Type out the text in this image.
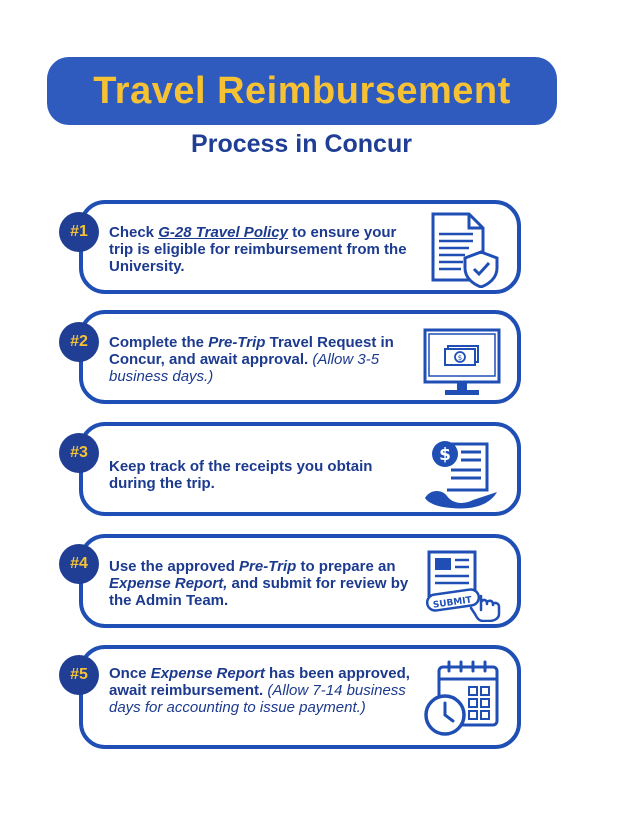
Travel Reimbursement
Process in Concur
#1	Check G-28 Travel Policy to ensure your trip is eligible for reimbursement from the University.
#2	Complete the Pre-Trip Travel Request in Concur, and await approval. (Allow 3-5 business days.)
$
#3
Keep track of the receipts you obtain during the trip.
$
#4	Use the approved Pre-Trip to prepare an Expense Report, and submit for review by the Admin Team.	SUBMIT
#5	Once Expense Report has been approved, await reimbursement. (Allow 7-14 business days for accounting to issue payment.)
